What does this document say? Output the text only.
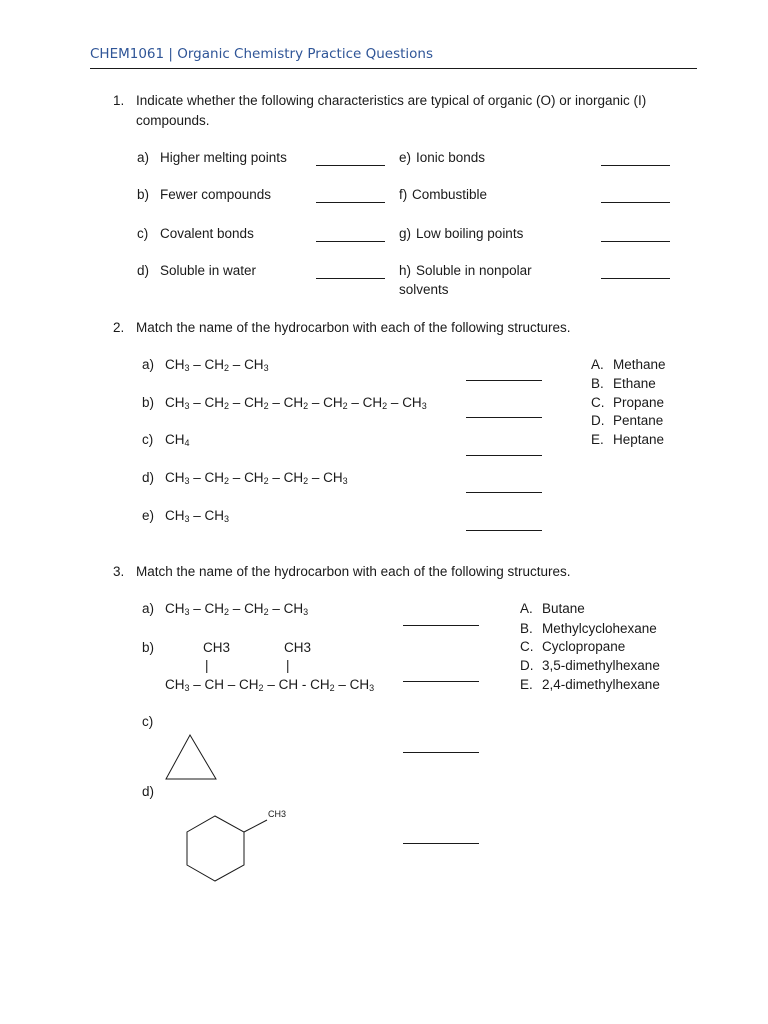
CHEM1061 | Organic Chemistry Practice Questions
1. Indicate whether the following characteristics are typical of organic (O) or inorganic (I)
compounds.
a) Higher melting points
b) Fewer compounds
c) Covalent bonds
d) Soluble in water
e) Ionic bonds
f) Combustible
g) Low boiling points
h) Soluble in nonpolar
solvents
2. Match the name of the hydrocarbon with each of the following structures.
a) $CH_3 - CH_2 - CH_3$
b) $CH_3 - CH_2 - CH_2 - CH_2 - CH_2 - CH_2 - CH_3$
c) $CH_4$
d) $CH_3 - CH_2 - CH_2 - CH_2 - CH_3$
e) $CH_3 - CH_3$
A. Methane
B. Ethane
C. Propane
D. Pentane
E. Heptane
3. Match the name of the hydrocarbon with each of the following structures.
a) $CH_3 - CH_2 - CH_2 - CH_3$
b)	CH3	CH3
|	|
$CH_3$ – CH – $CH_2$ – CH - $CH_2 - CH_3$
c)
d)
CH3
A. Butane
B. Methylcyclohexane
C. Cyclopropane
D. 3,5-dimethylhexane
E. 2,4-dimethylhexane
